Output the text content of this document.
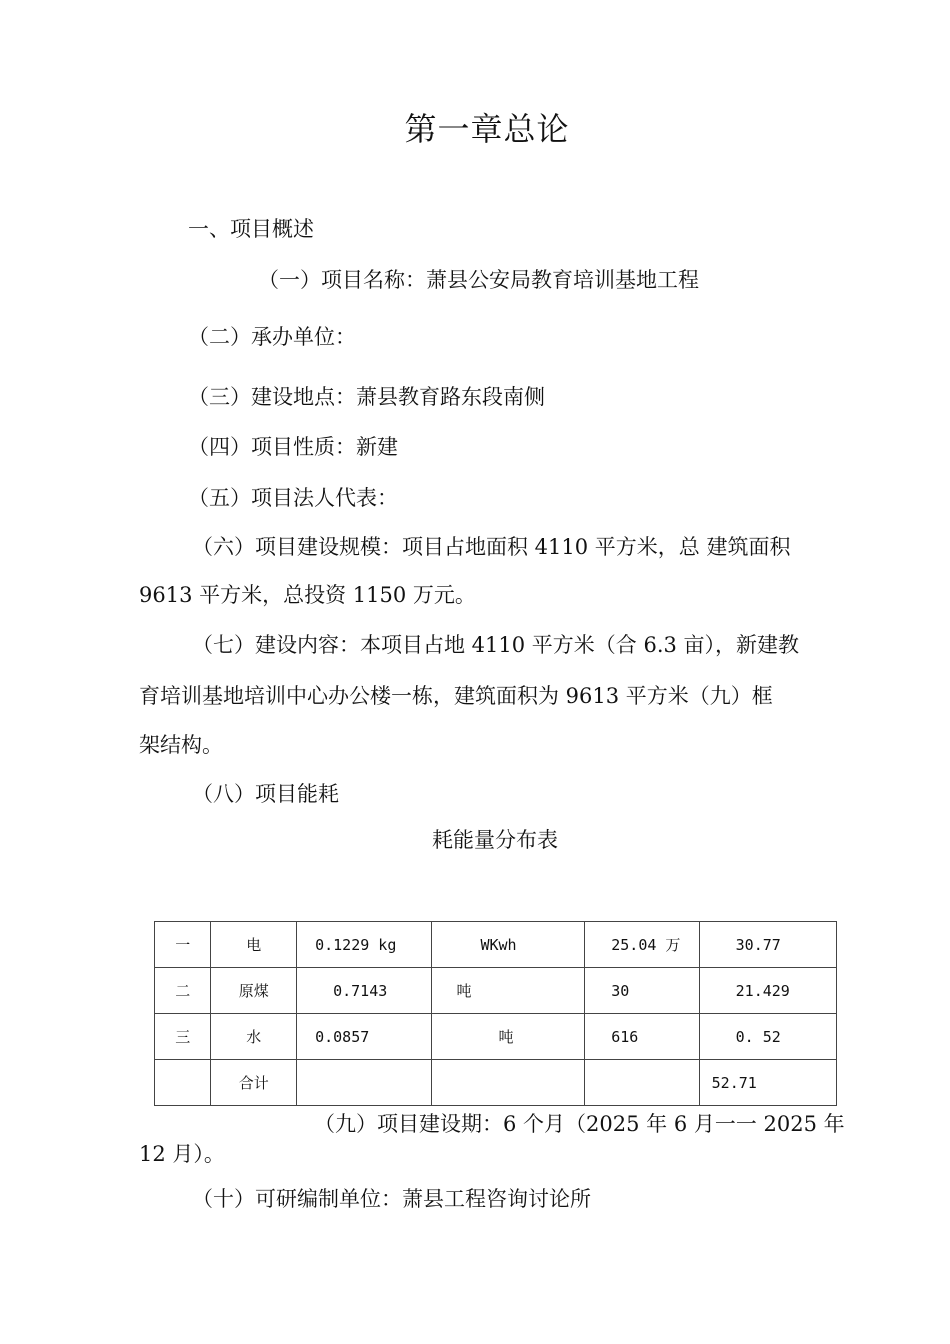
第一章总论
一、项目概述
（一）项目名称：萧县公安局教育培训基地工程
（二）承办单位：
（三）建设地点：萧县教育路东段南侧
（四）项目性质：新建
（五）项目法人代表：
（六）项目建设规模：项目占地面积 4110 平方米，总 建筑面积
9613 平方米，总投资 1150 万元。
（七）建设内容：本项目占地 4110 平方米（合 6.3 亩），新建教
育培训基地培训中心办公楼一栋，建筑面积为 9613 平方米（九）框
架结构。
（八）项目能耗
耗能量分布表
一	电	0.1229 kg	WKwh	25.04 万	30.77
二	原煤	0.7143	吨	30	21.429
三	水	0.0857	吨	616	0. 52
	合计				52.71
（九）项目建设期：6 个月（2025 年 6 月一一 2025 年
12 月）。
（十）可研编制单位：萧县工程咨询讨论所
